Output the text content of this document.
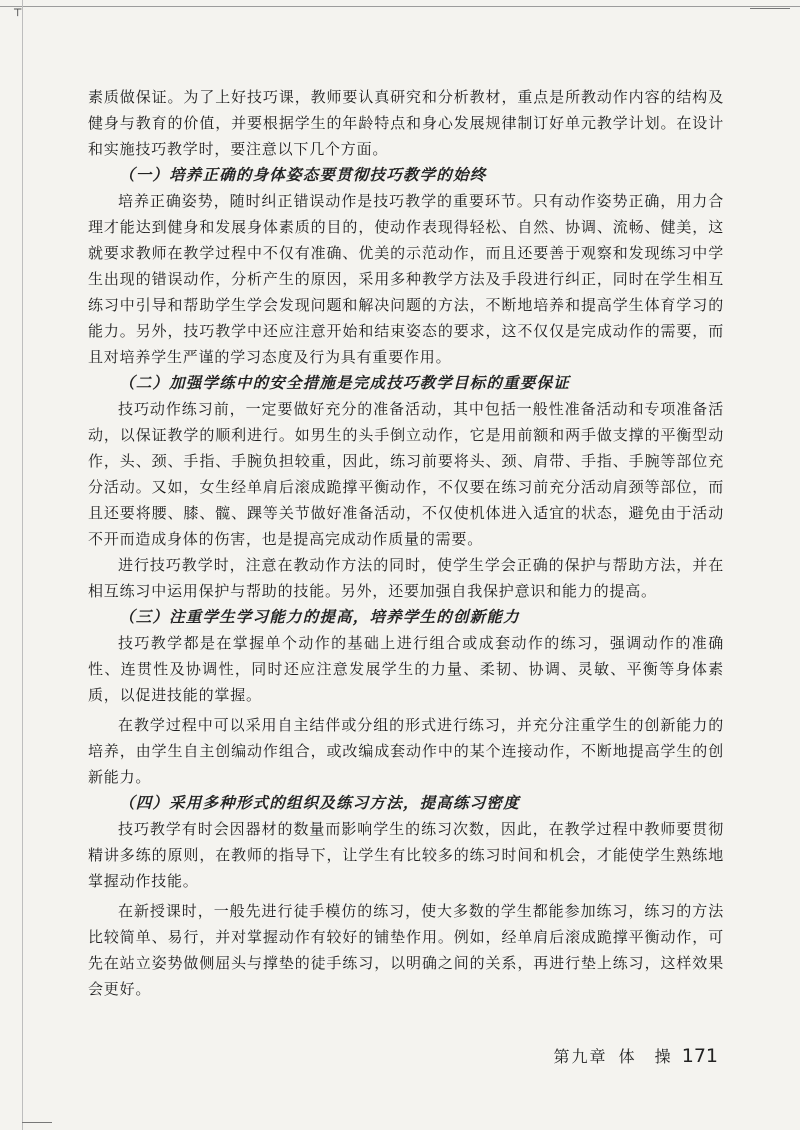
┬

素质做保证。为了上好技巧课，教师要认真研究和分析教材，重点是所教动作内容的结构及健身与教育的价值，并要根据学生的年龄特点和身心发展规律制订好单元教学计划。在设计和实施技巧教学时，要注意以下几个方面。

（一）培养正确的身体姿态要贯彻技巧教学的始终

培养正确姿势，随时纠正错误动作是技巧教学的重要环节。只有动作姿势正确，用力合理才能达到健身和发展身体素质的目的，使动作表现得轻松、自然、协调、流畅、健美，这就要求教师在教学过程中不仅有准确、优美的示范动作，而且还要善于观察和发现练习中学生出现的错误动作，分析产生的原因，采用多种教学方法及手段进行纠正，同时在学生相互练习中引导和帮助学生学会发现问题和解决问题的方法，不断地培养和提高学生体育学习的能力。另外，技巧教学中还应注意开始和结束姿态的要求，这不仅仅是完成动作的需要，而且对培养学生严谨的学习态度及行为具有重要作用。

（二）加强学练中的安全措施是完成技巧教学目标的重要保证

技巧动作练习前，一定要做好充分的准备活动，其中包括一般性准备活动和专项准备活动，以保证教学的顺利进行。如男生的头手倒立动作，它是用前额和两手做支撑的平衡型动作，头、颈、手指、手腕负担较重，因此，练习前要将头、颈、肩带、手指、手腕等部位充分活动。又如，女生经单肩后滚成跪撑平衡动作，不仅要在练习前充分活动肩颈等部位，而且还要将腰、膝、髋、踝等关节做好准备活动，不仅使机体进入适宜的状态，避免由于活动不开而造成身体的伤害，也是提高完成动作质量的需要。

进行技巧教学时，注意在教动作方法的同时，使学生学会正确的保护与帮助方法，并在相互练习中运用保护与帮助的技能。另外，还要加强自我保护意识和能力的提高。

（三）注重学生学习能力的提高，培养学生的创新能力

技巧教学都是在掌握单个动作的基础上进行组合或成套动作的练习，强调动作的准确性、连贯性及协调性，同时还应注意发展学生的力量、柔韧、协调、灵敏、平衡等身体素质，以促进技能的掌握。

在教学过程中可以采用自主结伴或分组的形式进行练习，并充分注重学生的创新能力的培养，由学生自主创编动作组合，或改编成套动作中的某个连接动作，不断地提高学生的创新能力。

（四）采用多种形式的组织及练习方法，提高练习密度

技巧教学有时会因器材的数量而影响学生的练习次数，因此，在教学过程中教师要贯彻精讲多练的原则，在教师的指导下，让学生有比较多的练习时间和机会，才能使学生熟练地掌握动作技能。

在新授课时，一般先进行徒手模仿的练习，使大多数的学生都能参加练习，练习的方法比较简单、易行，并对掌握动作有较好的铺垫作用。例如，经单肩后滚成跪撑平衡动作，可先在站立姿势做侧屈头与撑垫的徒手练习，以明确之间的关系，再进行垫上练习，这样效果会更好。

第九章 体　操 171
